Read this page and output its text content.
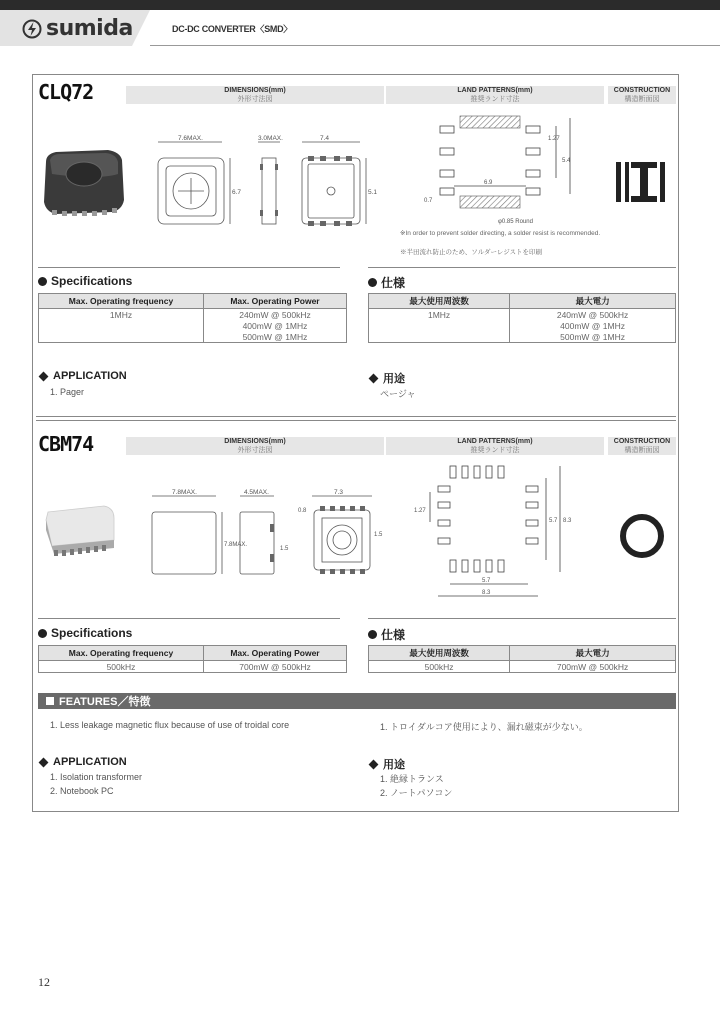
sumida	DC-DC CONVERTER〈SMD〉
CLQ72	DIMENSIONS(mm)
外形寸法図
LAND PATTERNS(mm)
推奨ランド寸法
CONSTRUCTION
構造断面図
7.6MAX.	3.0MAX.	7.4
6.7	5.1
6.9
5.4
1.27
0.7
φ0.85 Round
※In order to prevent solder directing, a solder resist is recommended.
※半田流れ防止のため、ソルダーレジストを印刷
Specifications
Max. Operating frequency	Max. Operating Power
1MHz	240mW @ 500kHz
	400mW @ 1MHz
	500mW @ 1MHz
仕様
最大使用周波数	最大電力
1MHz	240mW @ 500kHz
	400mW @ 1MHz
	500mW @ 1MHz
APPLICATION
1. Pager
用途
ページャ
CBM74	DIMENSIONS(mm)
外形寸法図
LAND PATTERNS(mm)
推奨ランド寸法
CONSTRUCTION
構造断面図
7.8MAX.	4.5MAX.	7.3
7.8MAX.
0.8
1.5
1.5
5.7
8.3
5.7 8.3
1.27
Specifications
Max. Operating frequency	Max. Operating Power
500kHz	700mW @ 500kHz
仕様
最大使用周波数	最大電力
500kHz	700mW @ 500kHz
FEATURES／特徴
1. Less leakage magnetic flux because of use of troidal core	1. トロイダルコア使用により、漏れ磁束が少ない。
APPLICATION
1. Isolation transformer
2. Notebook PC
用途
1. 絶縁トランス
2. ノートパソコン
12
